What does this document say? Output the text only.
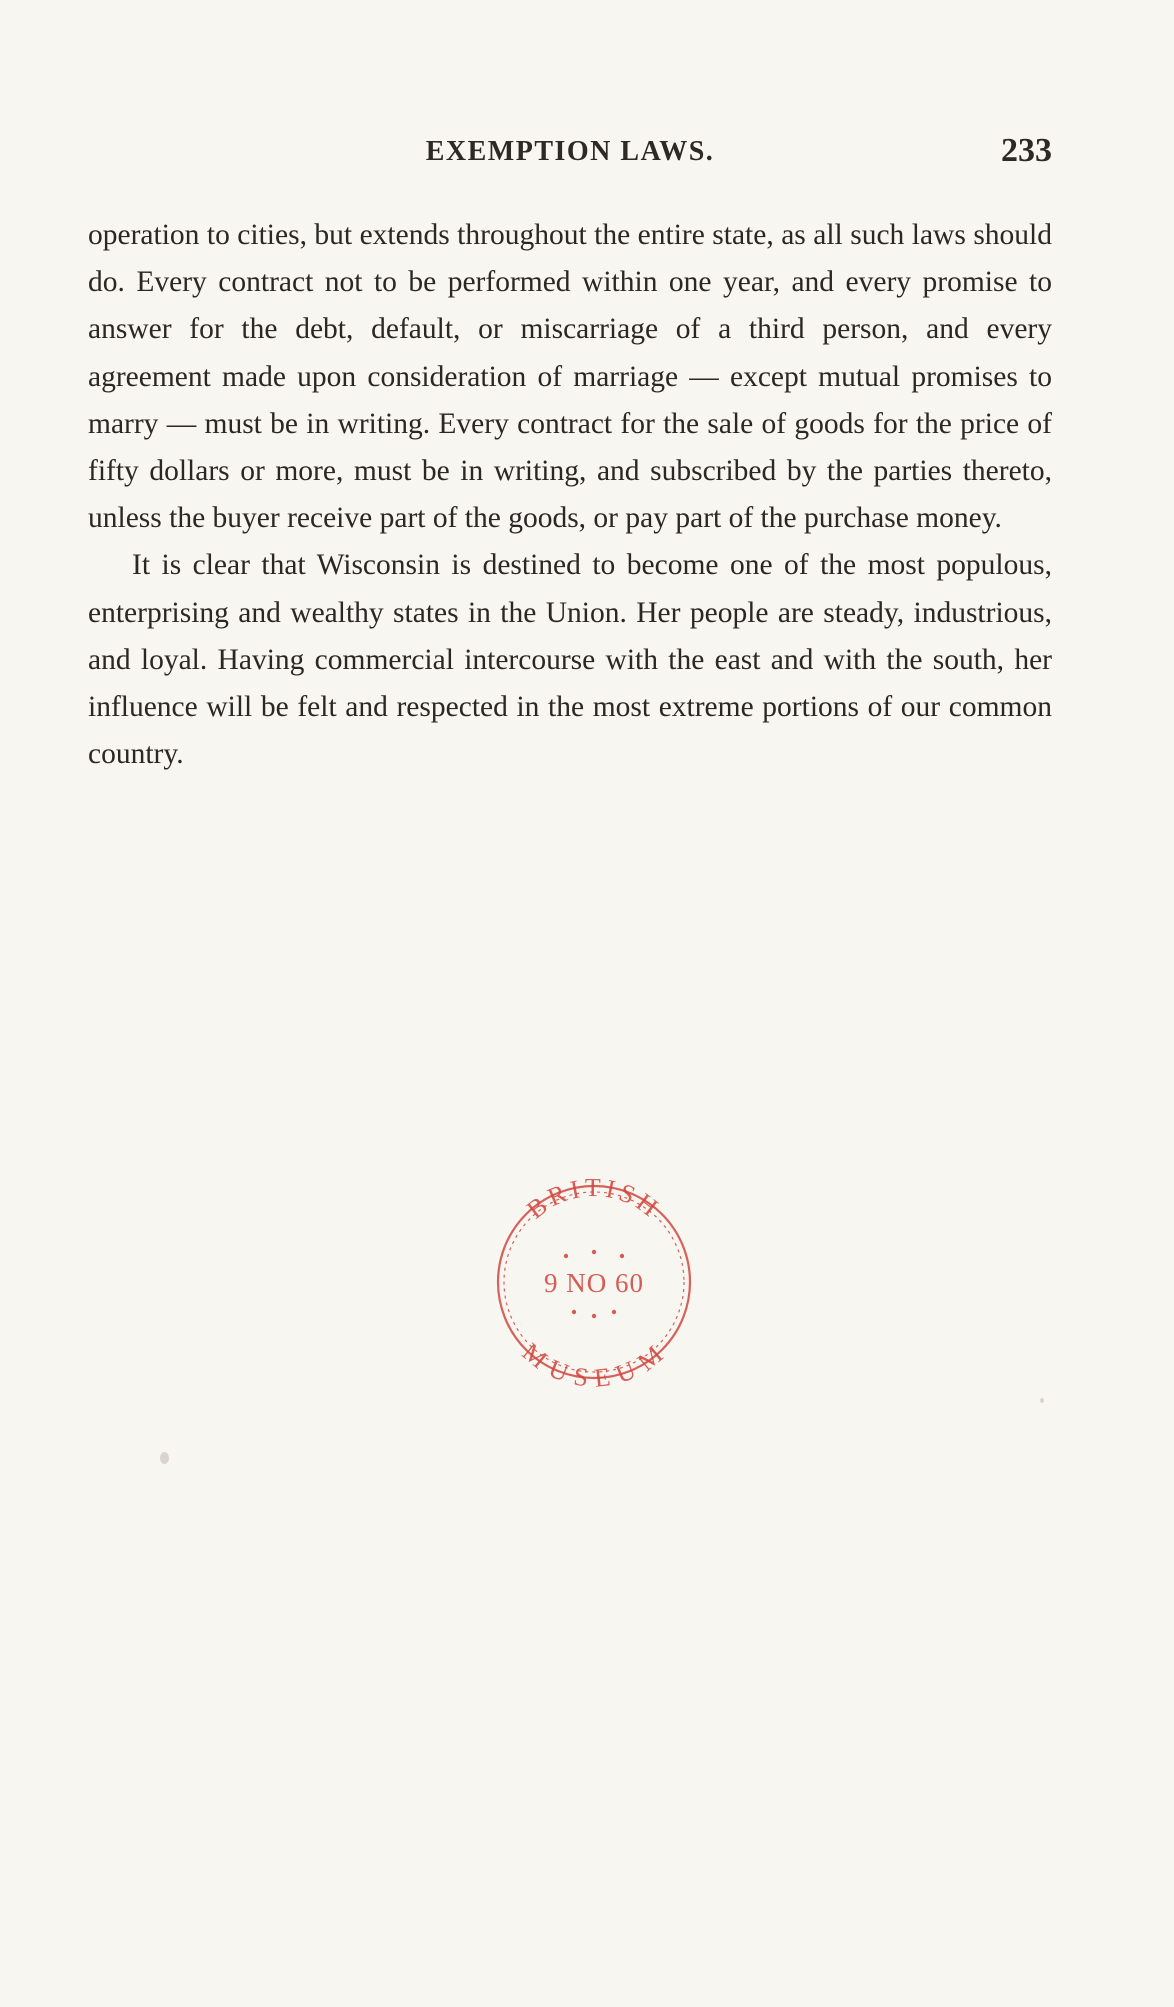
EXEMPTION LAWS.	233

operation to cities, but extends throughout the entire state, as all such laws should do. Every contract not to be performed within one year, and every promise to answer for the debt, default, or miscarriage of a third person, and every agreement made upon consideration of marriage — except mutual promises to marry — must be in writing. Every contract for the sale of goods for the price of fifty dollars or more, must be in writing, and subscribed by the parties thereto, unless the buyer receive part of the goods, or pay part of the purchase money.

It is clear that Wisconsin is destined to become one of the most populous, enterprising and wealthy states in the Union. Her people are steady, industrious, and loyal. Having commercial intercourse with the east and with the south, her influence will be felt and respected in the most extreme portions of our common country.

BRITISH
MUSEUM
9 NO 60
